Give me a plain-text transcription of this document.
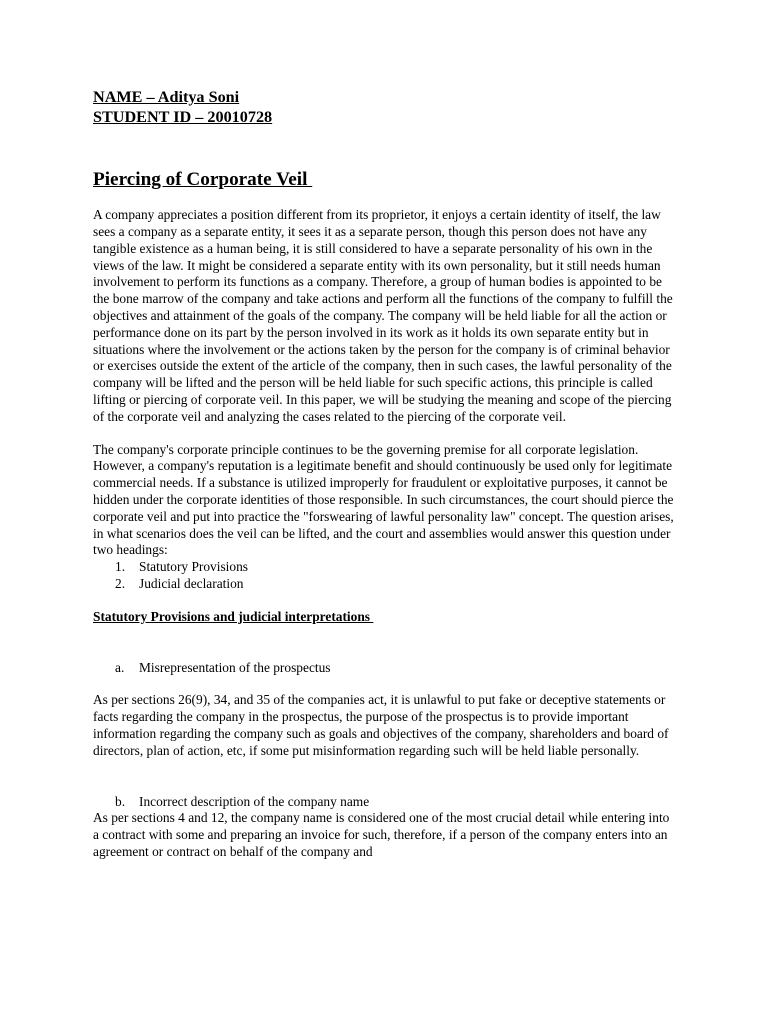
NAME – Aditya Soni
STUDENT ID – 20010728
Piercing of Corporate Veil

A company appreciates a position different from its proprietor, it enjoys a certain identity of itself, the law sees a company as a separate entity, it sees it as a separate person, though this person does not have any tangible existence as a human being, it is still considered to have a separate personality of his own in the views of the law. It might be considered a separate entity with its own personality, but it still needs human involvement to perform its functions as a company. Therefore, a group of human bodies is appointed to be the bone marrow of the company and take actions and perform all the functions of the company to fulfill the objectives and attainment of the goals of the company. The company will be held liable for all the action or performance done on its part by the person involved in its work as it holds its own separate entity but in situations where the involvement or the actions taken by the person for the company is of criminal behavior or exercises outside the extent of the article of the company, then in such cases, the lawful personality of the company will be lifted and the person will be held liable for such specific actions, this principle is called lifting or piercing of corporate veil. In this paper, we will be studying the meaning and scope of the piercing of the corporate veil and analyzing the cases related to the piercing of the corporate veil.

The company's corporate principle continues to be the governing premise for all corporate legislation. However, a company's reputation is a legitimate benefit and should continuously be used only for legitimate commercial needs. If a substance is utilized improperly for fraudulent or exploitative purposes, it cannot be hidden under the corporate identities of those responsible. In such circumstances, the court should pierce the corporate veil and put into practice the "forswearing of lawful personality law" concept. The question arises, in what scenarios does the veil can be lifted, and the court and assemblies would answer this question under two headings:

1. Statutory Provisions
2. Judicial declaration
Statutory Provisions and judicial interpretations
a. Misrepresentation of the prospectus

As per sections 26(9), 34, and 35 of the companies act, it is unlawful to put fake or deceptive statements or facts regarding the company in the prospectus, the purpose of the prospectus is to provide important information regarding the company such as goals and objectives of the company, shareholders and board of directors, plan of action, etc, if some put misinformation regarding such will be held liable personally.

b. Incorrect description of the company name

As per sections 4 and 12, the company name is considered one of the most crucial detail while entering into a contract with some and preparing an invoice for such, therefore, if a person of the company enters into an agreement or contract on behalf of the company and
